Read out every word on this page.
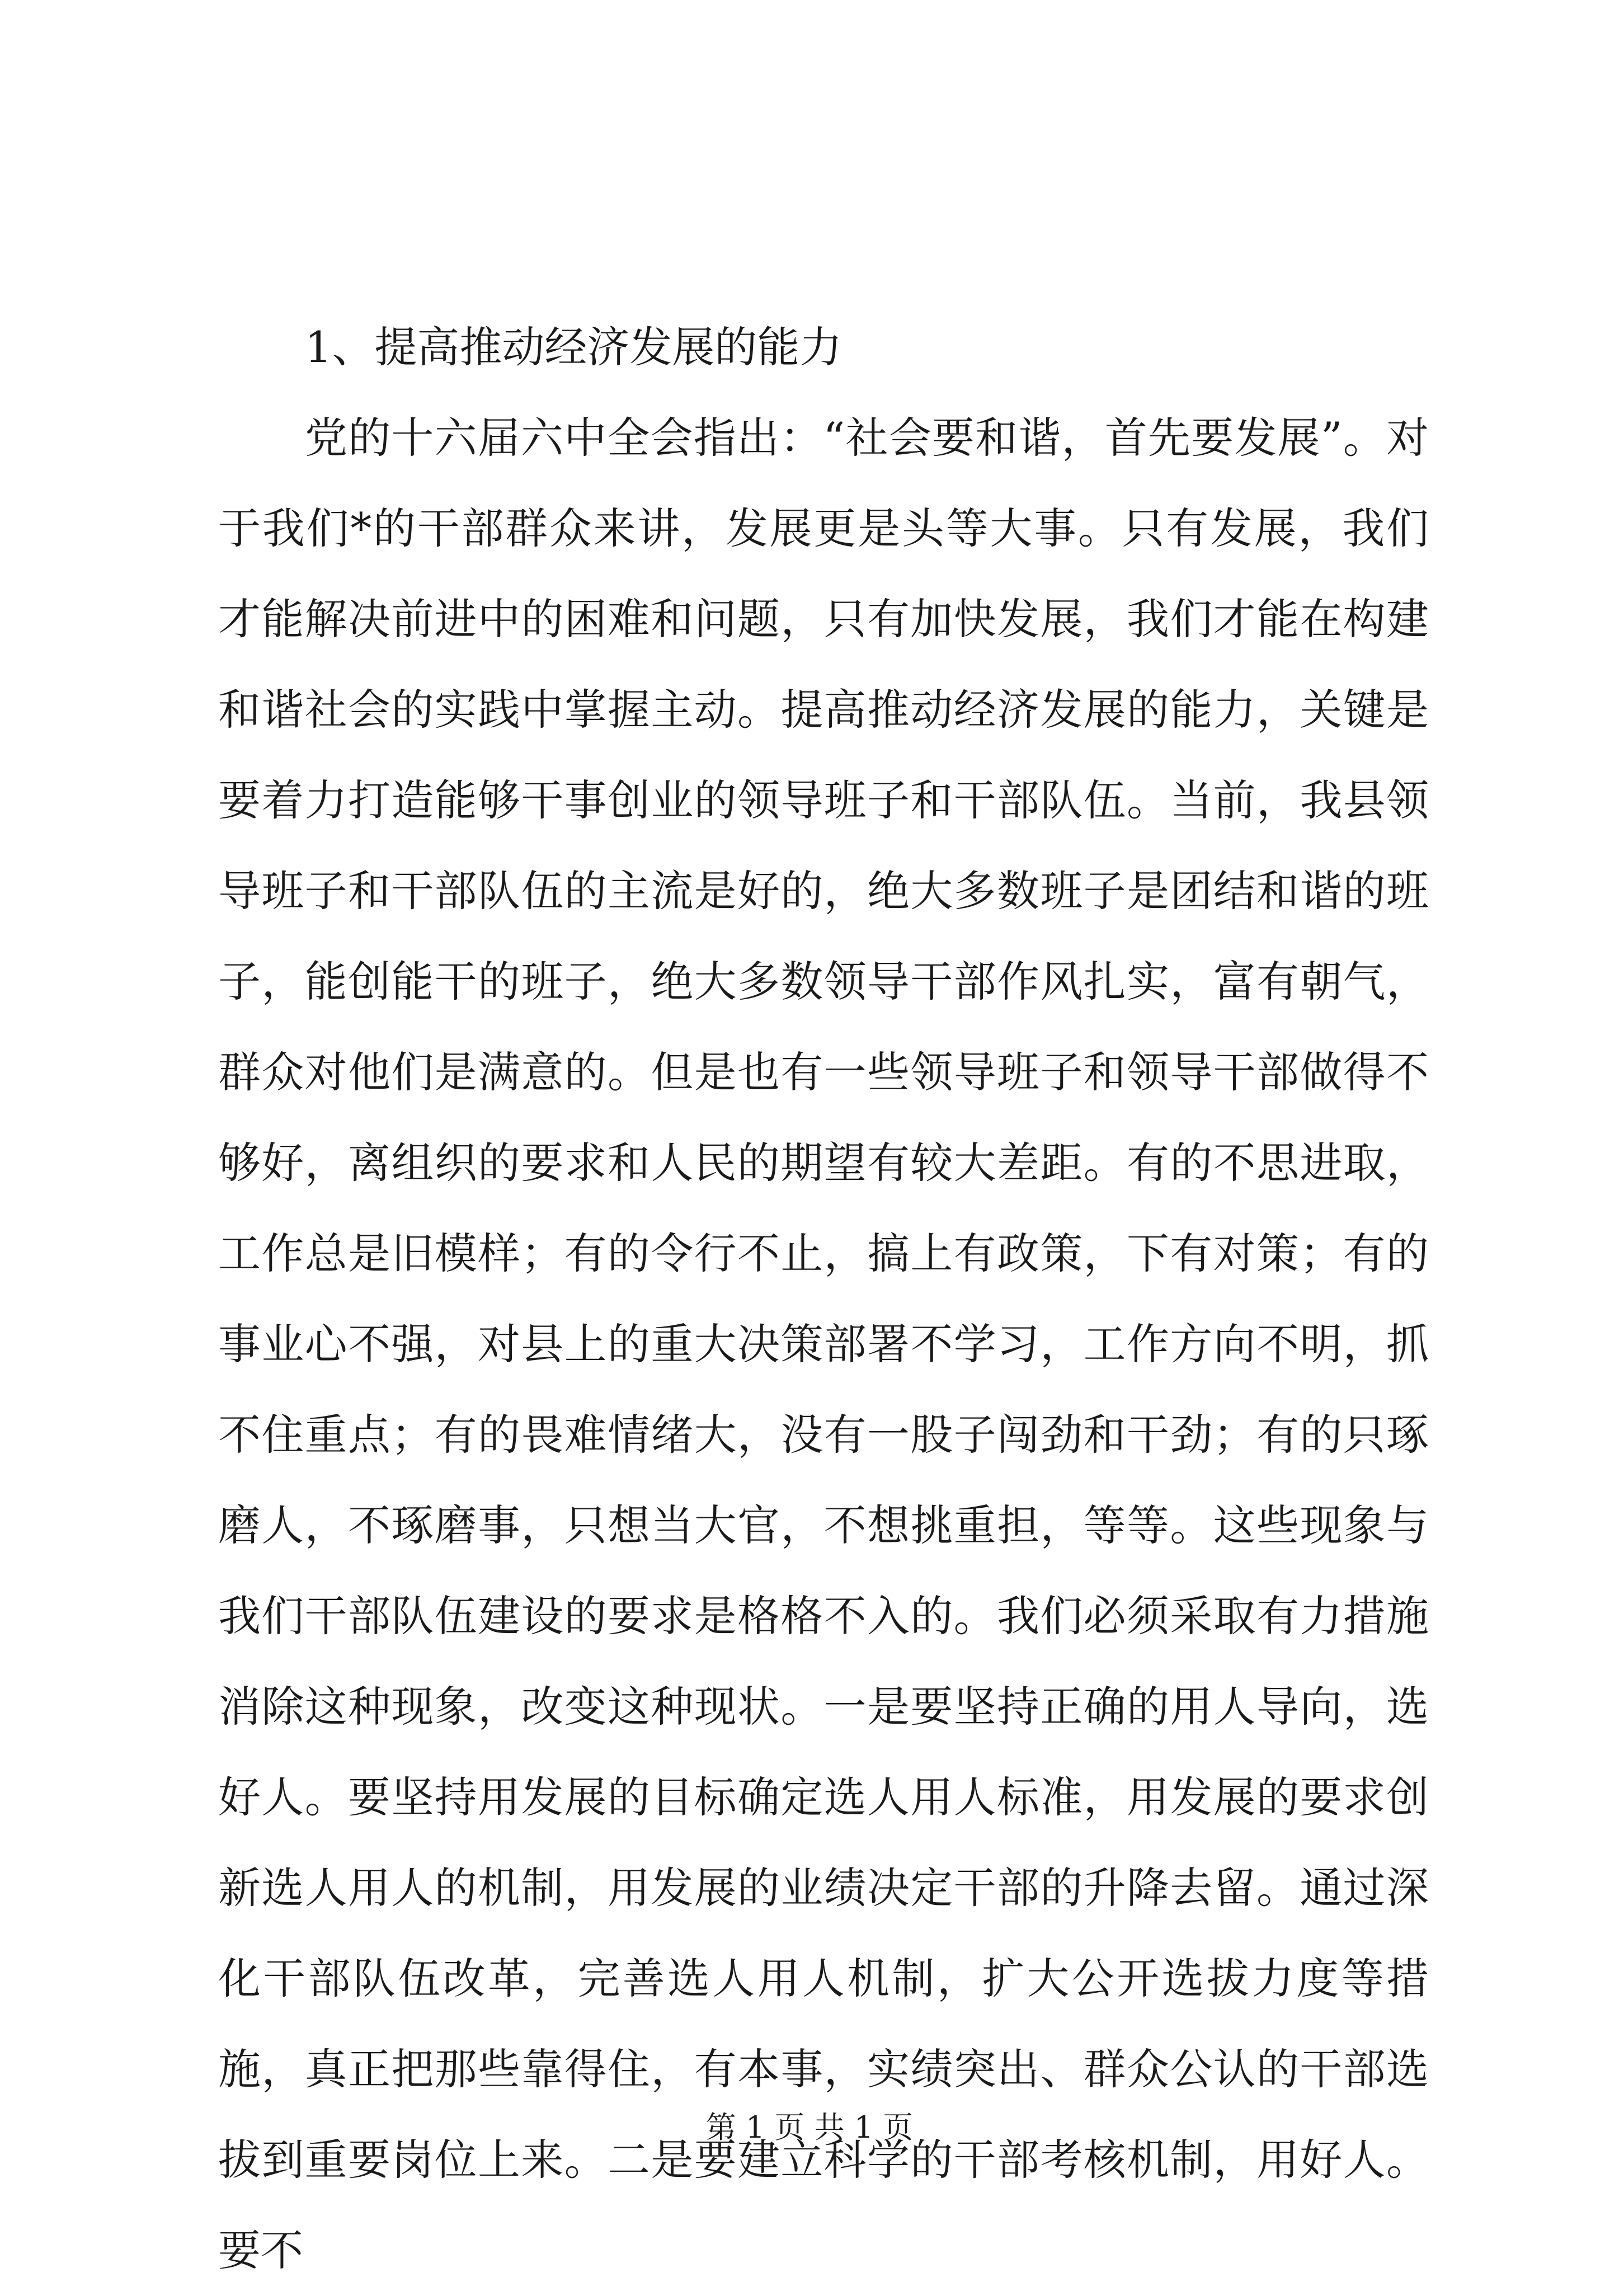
1、提高推动经济发展的能力

党的十六届六中全会指出：“社会要和谐，首先要发展”。对于我们*的干部群众来讲，发展更是头等大事。只有发展，我们才能解决前进中的困难和问题，只有加快发展，我们才能在构建和谐社会的实践中掌握主动。提高推动经济发展的能力，关键是要着力打造能够干事创业的领导班子和干部队伍。当前，我县领导班子和干部队伍的主流是好的，绝大多数班子是团结和谐的班子，能创能干的班子，绝大多数领导干部作风扎实，富有朝气，群众对他们是满意的。但是也有一些领导班子和领导干部做得不够好，离组织的要求和人民的期望有较大差距。有的不思进取，工作总是旧模样；有的令行不止，搞上有政策，下有对策；有的事业心不强，对县上的重大决策部署不学习，工作方向不明，抓不住重点；有的畏难情绪大，没有一股子闯劲和干劲；有的只琢磨人，不琢磨事，只想当大官，不想挑重担，等等。这些现象与我们干部队伍建设的要求是格格不入的。我们必须采取有力措施消除这种现象，改变这种现状。一是要坚持正确的用人导向，选好人。要坚持用发展的目标确定选人用人标准，用发展的要求创新选人用人的机制，用发展的业绩决定干部的升降去留。通过深化干部队伍改革，完善选人用人机制，扩大公开选拔力度等措施，真正把那些靠得住，有本事，实绩突出、群众公认的干部选拔到重要岗位上来。二是要建立科学的干部考核机制，用好人。要不

第 1 页 共 1 页
